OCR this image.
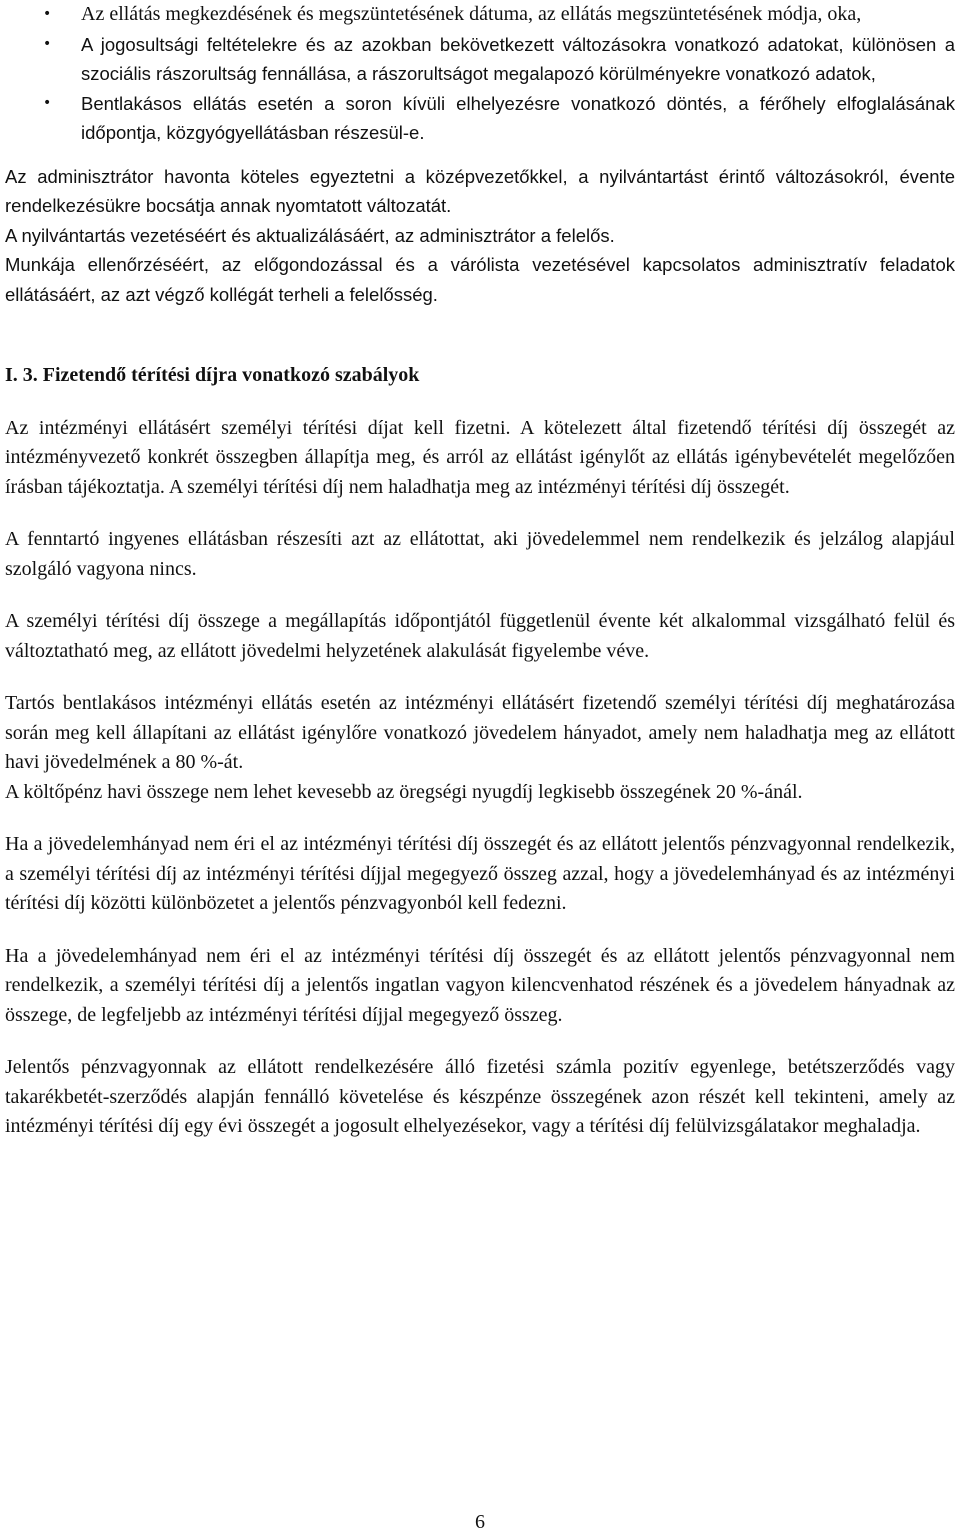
• Az ellátás megkezdésének és megszüntetésének dátuma, az ellátás megszüntetésének módja, oka,
• A jogosultsági feltételekre és az azokban bekövetkezett változásokra vonatkozó adatokat, különösen a szociális rászorultság fennállása, a rászorultságot megalapozó körülményekre vonatkozó adatok,
• Bentlakásos ellátás esetén a soron kívüli elhelyezésre vonatkozó döntés, a férőhely elfoglalásának időpontja, közgyógyellátásban részesül-e.

Az adminisztrátor havonta köteles egyeztetni a középvezetőkkel, a nyilvántartást érintő változásokról, évente rendelkezésükre bocsátja annak nyomtatott változatát.

A nyilvántartás vezetéséért és aktualizálásáért, az adminisztrátor a felelős.

Munkája ellenőrzéséért, az előgondozással és a várólista vezetésével kapcsolatos adminisztratív feladatok ellátásáért, az azt végző kollégát terheli a felelősség.

I. 3. Fizetendő térítési díjra vonatkozó szabályok

Az intézményi ellátásért személyi térítési díjat kell fizetni. A kötelezett által fizetendő térítési díj összegét az intézményvezető konkrét összegben állapítja meg, és arról az ellátást igénylőt az ellátás igénybevételét megelőzően írásban tájékoztatja. A személyi térítési díj nem haladhatja meg az intézményi térítési díj összegét.

A fenntartó ingyenes ellátásban részesíti azt az ellátottat, aki jövedelemmel nem rendelkezik és jelzálog alapjául szolgáló vagyona nincs.

A személyi térítési díj összege a megállapítás időpontjától függetlenül évente két alkalommal vizsgálható felül és változtatható meg, az ellátott jövedelmi helyzetének alakulását figyelembe véve.

Tartós bentlakásos intézményi ellátás esetén az intézményi ellátásért fizetendő személyi térítési díj meghatározása során meg kell állapítani az ellátást igénylőre vonatkozó jövedelem hányadot, amely nem haladhatja meg az ellátott havi jövedelmének a 80 %-át.

A költőpénz havi összege nem lehet kevesebb az öregségi nyugdíj legkisebb összegének 20 %-ánál.

Ha a jövedelemhányad nem éri el az intézményi térítési díj összegét és az ellátott jelentős pénzvagyonnal rendelkezik, a személyi térítési díj az intézményi térítési díjjal megegyező összeg azzal, hogy a jövedelemhányad és az intézményi térítési díj közötti különbözetet a jelentős pénzvagyonból kell fedezni.

Ha a jövedelemhányad nem éri el az intézményi térítési díj összegét és az ellátott jelentős pénzvagyonnal nem rendelkezik, a személyi térítési díj a jelentős ingatlan vagyon kilencvenhatod részének és a jövedelem hányadnak az összege, de legfeljebb az intézményi térítési díjjal megegyező összeg.

Jelentős pénzvagyonnak az ellátott rendelkezésére álló fizetési számla pozitív egyenlege, betétszerződés vagy takarékbetét-szerződés alapján fennálló követelése és készpénze összegének azon részét kell tekinteni, amely az intézményi térítési díj egy évi összegét a jogosult elhelyezésekor, vagy a térítési díj felülvizsgálatakor meghaladja.

6
